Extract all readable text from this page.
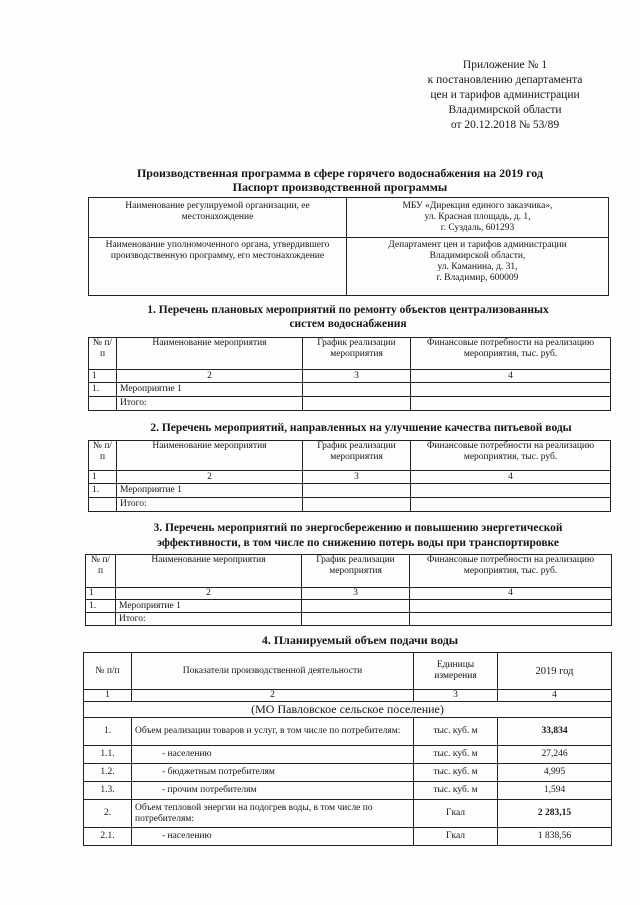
Приложение № 1
к постановлению департамента
цен и тарифов администрации
Владимирской области
от 20.12.2018 № 53/89
Производственная программа в сфере горячего водоснабжения на 2019 год
Паспорт производственной программы
Наименование регулируемой организации, ее местонахождение	МБУ «Дирекция единого заказчика»,
ул. Красная площадь, д. 1,
г. Суздаль, 601293

Наименование уполномоченного органа, утвердившего производственную программу, его местонахождение	Департамент цен и тарифов администрации
Владимирской области,
ул. Каманина, д. 31,
г. Владимир, 600009
1. Перечень плановых мероприятий по ремонту объектов централизованных
систем водоснабжения
№ п/п	Наименование мероприятия	График реализации мероприятия	Финансовые потребности на реализацию мероприятия, тыс. руб.
1	2	3	4
1.	Мероприятие 1		
	Итого:		
2. Перечень мероприятий, направленных на улучшение качества питьевой воды
№ п/п	Наименование мероприятия	График реализации мероприятия	Финансовые потребности на реализацию мероприятия, тыс. руб.
1	2	3	4
1.	Мероприятие 1		
	Итого:		
3. Перечень мероприятий по энергосбережению и повышению энергетической
эффективности, в том числе по снижению потерь воды при транспортировке
№ п/п	Наименование мероприятия	График реализации мероприятия	Финансовые потребности на реализацию мероприятия, тыс. руб.
1	2	3	4
1.	Мероприятие 1		
	Итого:		
4. Планируемый объем подачи воды
№ п/п	Показатели производственной деятельности	Единицы измерения	2019 год
1	2	3	4
(МО Павловское сельское поселение)			
1.	Объем реализации товаров и услуг, в том числе по потребителям:	тыс. куб. м	33,834
1.1.	- населению	тыс. куб. м	27,246
1.2.	- бюджетным потребителям	тыс. куб. м	4,995
1.3.	- прочим потребителям	тыс. куб. м	1,594
2.	Объем тепловой энергии на подогрев воды, в том числе по потребителям:	Гкал	2 283,15
2.1.	- населению	Гкал	1 838,56
